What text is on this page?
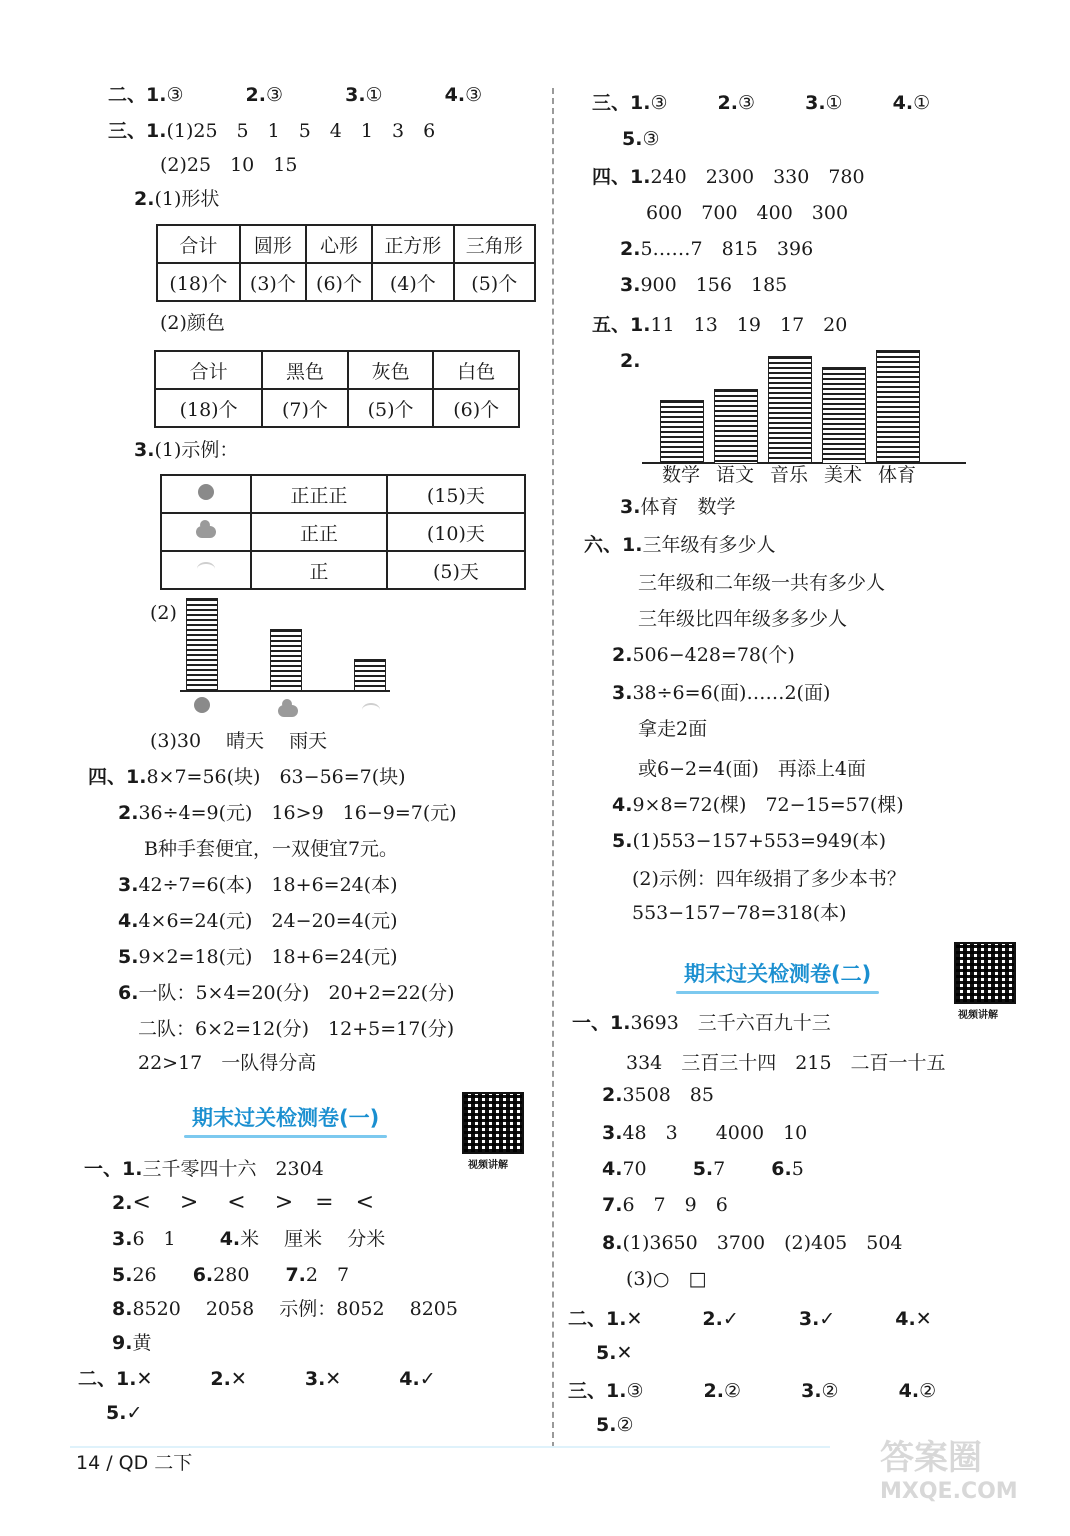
二、1.③	2.③	3.①	4.③
三、1.(1)25　5　1　5　4　1　3　6
(2)25　10　15
2.(1)形状
合计	圆形	心形	正方形	三角形
(18)个	(3)个	(6)个	(4)个	(5)个
(2)颜色
合计	黑色	灰色	白色
(18)个	(7)个	(5)个	(6)个
3.(1)示例：
	正正正	(15)天
	正正	(10)天
	正	(5)天
(2)
(3)30　 晴天　 雨天
四、1.8×7=56(块)　63−56=7(块)
2.36÷4=9(元)　16>9　16−9=7(元)
B种手套便宜，一双便宜7元。
3.42÷7=6(本)　18+6=24(本)
4.4×6=24(元)　24−20=4(元)
5.9×2=18(元)　18+6=24(元)
6.一队：5×4=20(分)　20+2=22(分)
二队：6×2=12(分)　12+5=17(分)
22>17　一队得分高
期末过关检测卷(一)
视频讲解
一、1.三千零四十六　2304
2.<　 >　 <　 >　=　<
3.6　1 4.米　 厘米　 分米
5.26 6.280 7.2　7
8.8520　 2058　 示例：8052　 8205
9.黄
二、1.✕	2.✕	3.✕	4.✓
5.✓
三、1.③	2.③	3.①	4.①
5.③
四、1.240　2300　330　780
600　700　400　300
2.5……7　815　396
3.900　156　185
五、1.11　13　19　17　20
2.
数学 语文 音乐 美术 体育
3.体育　数学
六、1.三年级有多少人
三年级和二年级一共有多少人
三年级比四年级多多少人
2.506−428=78(个)
3.38÷6=6(面)……2(面)
拿走2面
或6−2=4(面)　再添上4面
4.9×8=72(棵)　72−15=57(棵)
5.(1)553−157+553=949(本)
(2)示例：四年级捐了多少本书？
553−157−78=318(本)
期末过关检测卷(二)
视频讲解
一、1.3693　三千六百九十三
334　三百三十四　215　二百一十五
2.3508　85
3.48　3　　4000　10
4.70 5.7 6.5
7.6　7　9　6
8.(1)3650　3700　(2)405　504
(3)○　□
二、1.✕	2.✓	3.✓	4.✕
5.✕
三、1.③	2.②	3.②	4.②
5.②
14 / QD 二下	答案圈
MXQE.COM
